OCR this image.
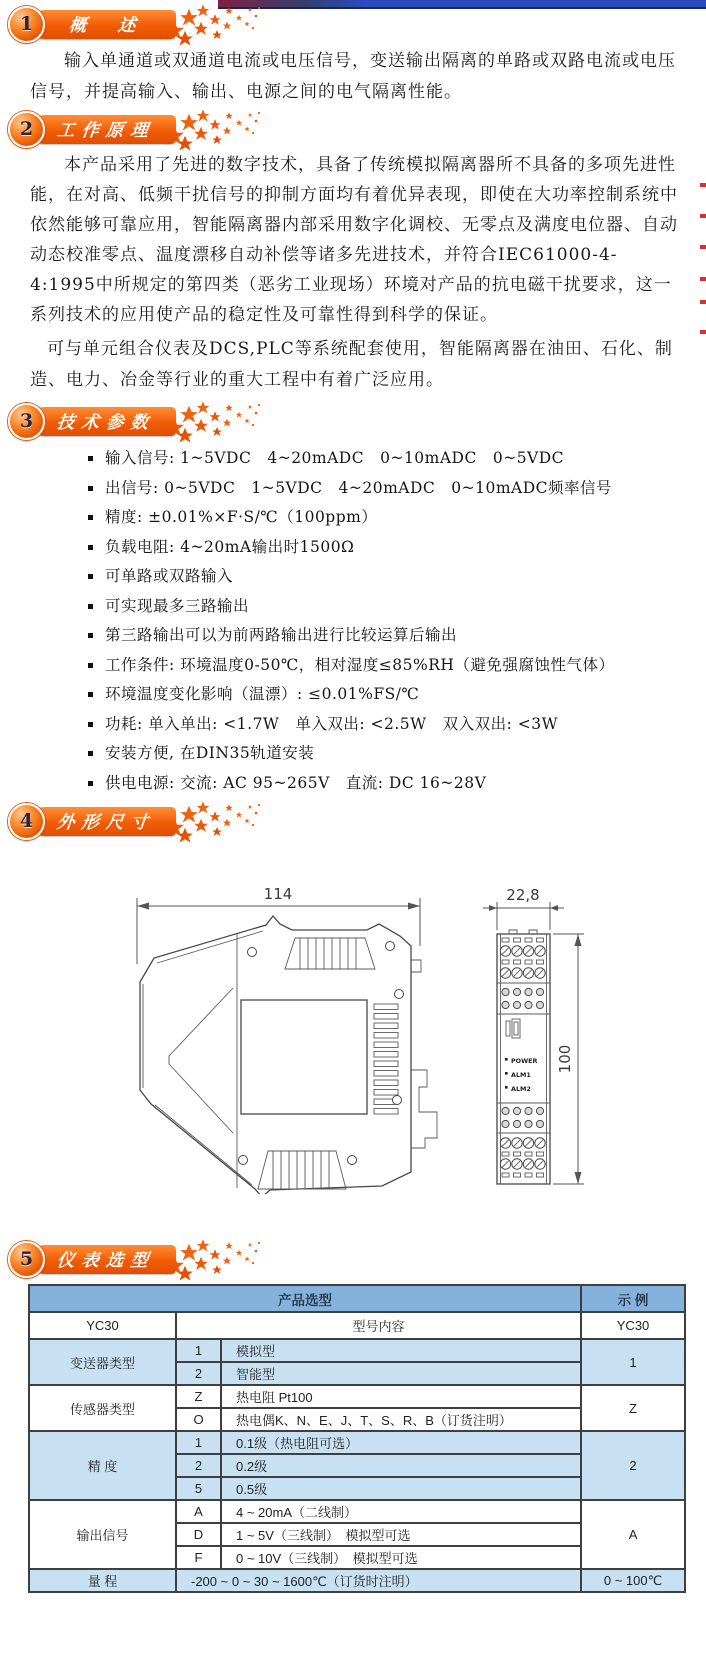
1	概　述

输入单通道或双通道电流或电压信号，变送输出隔离的单路或双路电流或电压信号，并提高输入、输出、电源之间的电气隔离性能。

2	工作原理

本产品采用了先进的数字技术，具备了传统模拟隔离器所不具备的多项先进性能，在对高、低频干扰信号的抑制方面均有着优异表现，即使在大功率控制系统中依然能够可靠应用，智能隔离器内部采用数字化调校、无零点及满度电位器、自动动态校准零点、温度漂移自动补偿等诸多先进技术，并符合IEC61000-4-4:1995中所规定的第四类（恶劣工业现场）环境对产品的抗电磁干扰要求，这一系列技术的应用使产品的稳定性及可靠性得到科学的保证。

可与单元组合仪表及DCS,PLC等系统配套使用，智能隔离器在油田、石化、制造、电力、冶金等行业的重大工程中有着广泛应用。

3	技术参数
输入信号: 1~5VDC　4~20mADC　0~10mADC　0~5VDC
出信号: 0~5VDC　1~5VDC　4~20mADC　0~10mADC频率信号
精度: ±0.01%×F·S/℃（100ppm）
负载电阻: 4~20mA输出时1500Ω
可单路或双路输入
可实现最多三路输出
第三路输出可以为前两路输出进行比较运算后输出
工作条件: 环境温度0-50℃，相对湿度≤85%RH（避免强腐蚀性气体）
环境温度变化影响（温漂）: ≤0.01%FS/℃
功耗: 单入单出: <1.7W　单入双出: <2.5W　双入双出: <3W
安装方便, 在DIN35轨道安装
供电电源: 交流: AC 95~265V　直流: DC 16~28V
4	外形尺寸
114	22,8
100
POWER
ALM1
ALM2
5	仪表选型
产品选型			示 例
YC30	型号内容		YC30
变送器类型	1	模拟型	1
	2	智能型	
传感器类型	Z	热电阻 Pt100	Z
	O	热电偶K、N、E、J、T、S、R、B（订货注明）	
精 度	1	0.1级（热电阻可选）	2
	2	0.2级	
	5	0.5级	
输出信号	A	4 ~ 20mA（二线制）	A
	D	1 ~ 5V（三线制）　模拟型可选	
	F	0 ~ 10V（三线制）　模拟型可选	
量 程	-200 ~ 0 ~ 30 ~ 1600℃（订货时注明）		0 ~ 100℃
